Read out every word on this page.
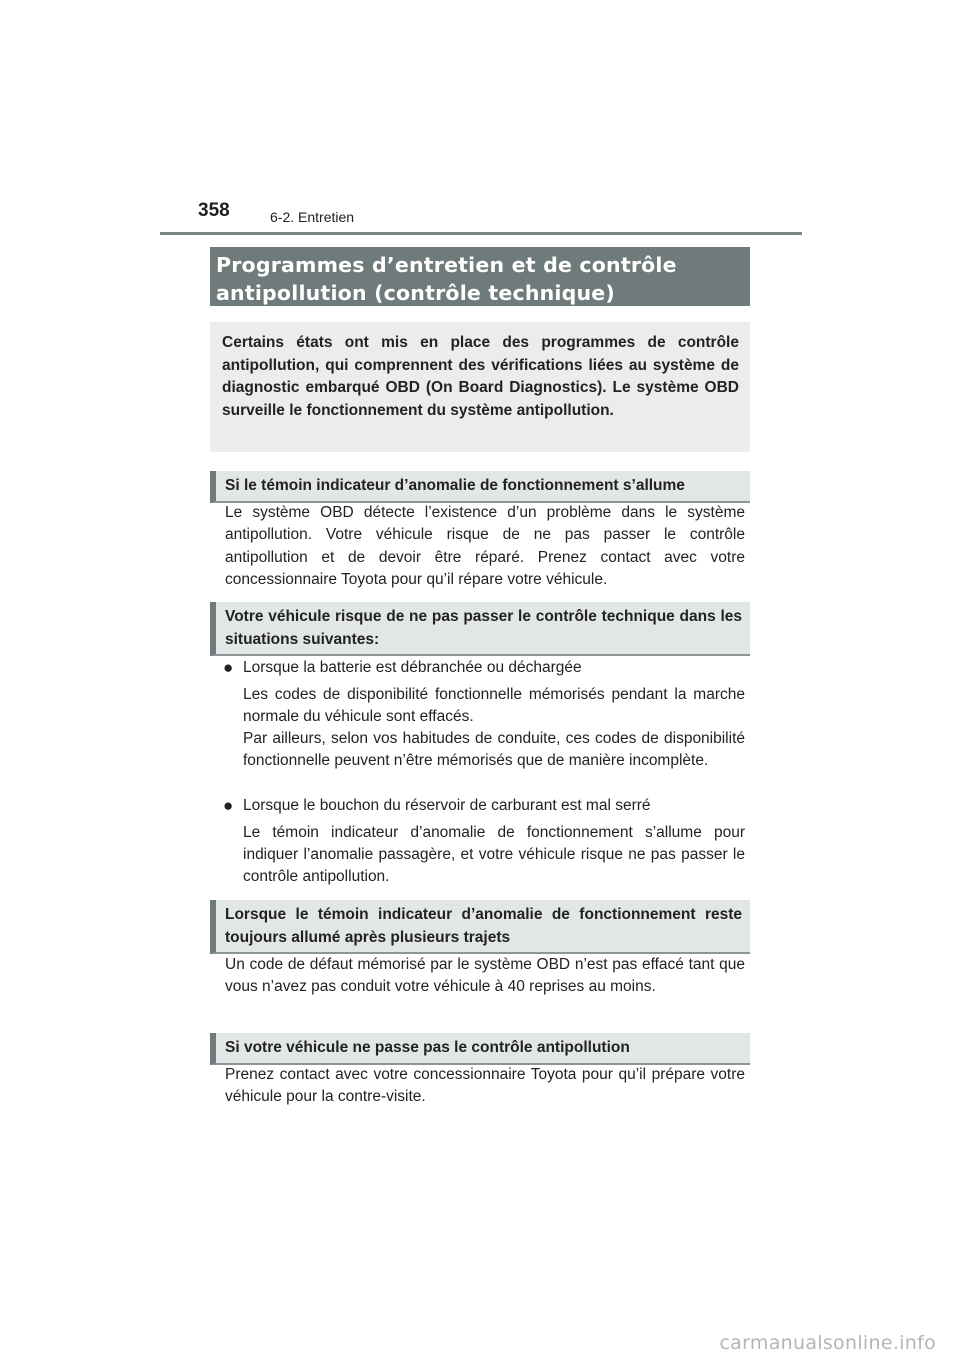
358	6-2. Entretien
Programmes d’entretien et de contrôle antipollution (contrôle technique)
Certains états ont mis en place des programmes de contrôle antipollution, qui comprennent des vérifications liées au système de diagnostic embarqué OBD (On Board Diagnostics). Le système OBD surveille le fonctionnement du système antipollution.
Si le témoin indicateur d’anomalie de fonctionnement s’allume
Le système OBD détecte l’existence d’un problème dans le système antipollution. Votre véhicule risque de ne pas passer le contrôle antipollution et de devoir être réparé. Prenez contact avec votre concessionnaire Toyota pour qu’il répare votre véhicule.
Votre véhicule risque de ne pas passer le contrôle technique dans les situations suivantes:
● Lorsque la batterie est débranchée ou déchargée
Les codes de disponibilité fonctionnelle mémorisés pendant la marche normale du véhicule sont effacés.
Par ailleurs, selon vos habitudes de conduite, ces codes de disponibilité fonctionnelle peuvent n’être mémorisés que de manière incomplète.
● Lorsque le bouchon du réservoir de carburant est mal serré
Le témoin indicateur d’anomalie de fonctionnement s’allume pour indiquer l’anomalie passagère, et votre véhicule risque ne pas passer le contrôle antipollution.
Lorsque le témoin indicateur d’anomalie de fonctionnement reste toujours allumé après plusieurs trajets
Un code de défaut mémorisé par le système OBD n’est pas effacé tant que vous n’avez pas conduit votre véhicule à 40 reprises au moins.
Si votre véhicule ne passe pas le contrôle antipollution
Prenez contact avec votre concessionnaire Toyota pour qu’il prépare votre véhicule pour la contre-visite.
carmanualsonline.info
